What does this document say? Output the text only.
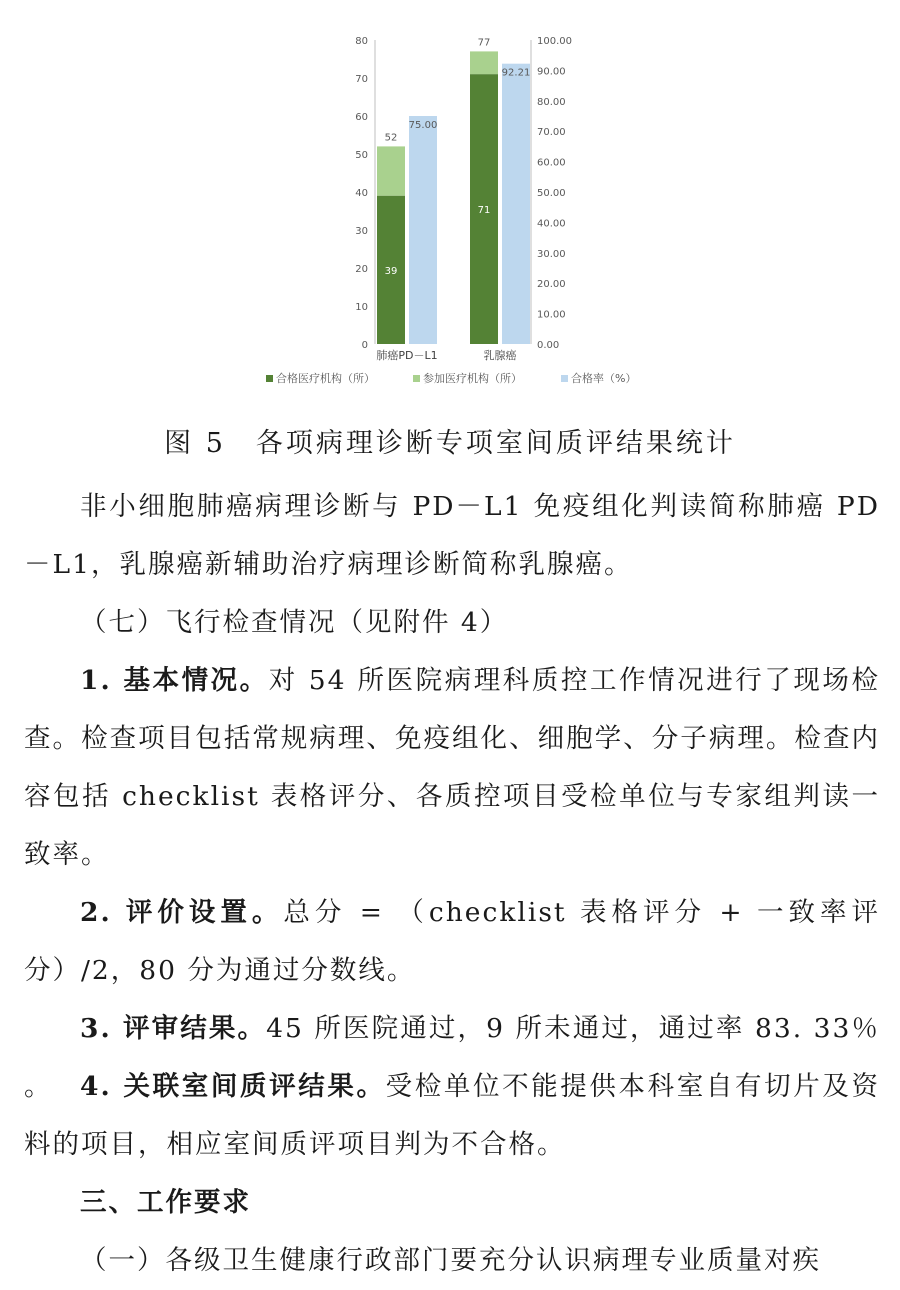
0
10
20
30
40
50
60
70
80
0.00
10.00
20.00
30.00
40.00
50.00
60.00
70.00
80.00
90.00
100.00
39
52
75.00
71
77
92.21
肺癌PD－L1	乳腺癌
合格医疗机构（所）	参加医疗机构（所）	合格率（%）
图 5　各项病理诊断专项室间质评结果统计

非小细胞肺癌病理诊断与 PD－L1 免疫组化判读简称肺癌 PD－L1，乳腺癌新辅助治疗病理诊断简称乳腺癌。

（七）飞行检查情况（见附件 4）

1. 基本情况。对 54 所医院病理科质控工作情况进行了现场检查。检查项目包括常规病理、免疫组化、细胞学、分子病理。检查内容包括 checklist 表格评分、各质控项目受检单位与专家组判读一致率。

2. 评价设置。总分 = （checklist 表格评分 + 一致率评分）/2，80 分为通过分数线。

3. 评审结果。45 所医院通过，9 所未通过，通过率 83. 33％ 。	4. 关联室间质评结果。受检单位不能提供本科室自有切片及资料的项目，相应室间质评项目判为不合格。

三、工作要求

（一）各级卫生健康行政部门要充分认识病理专业质量对疾
